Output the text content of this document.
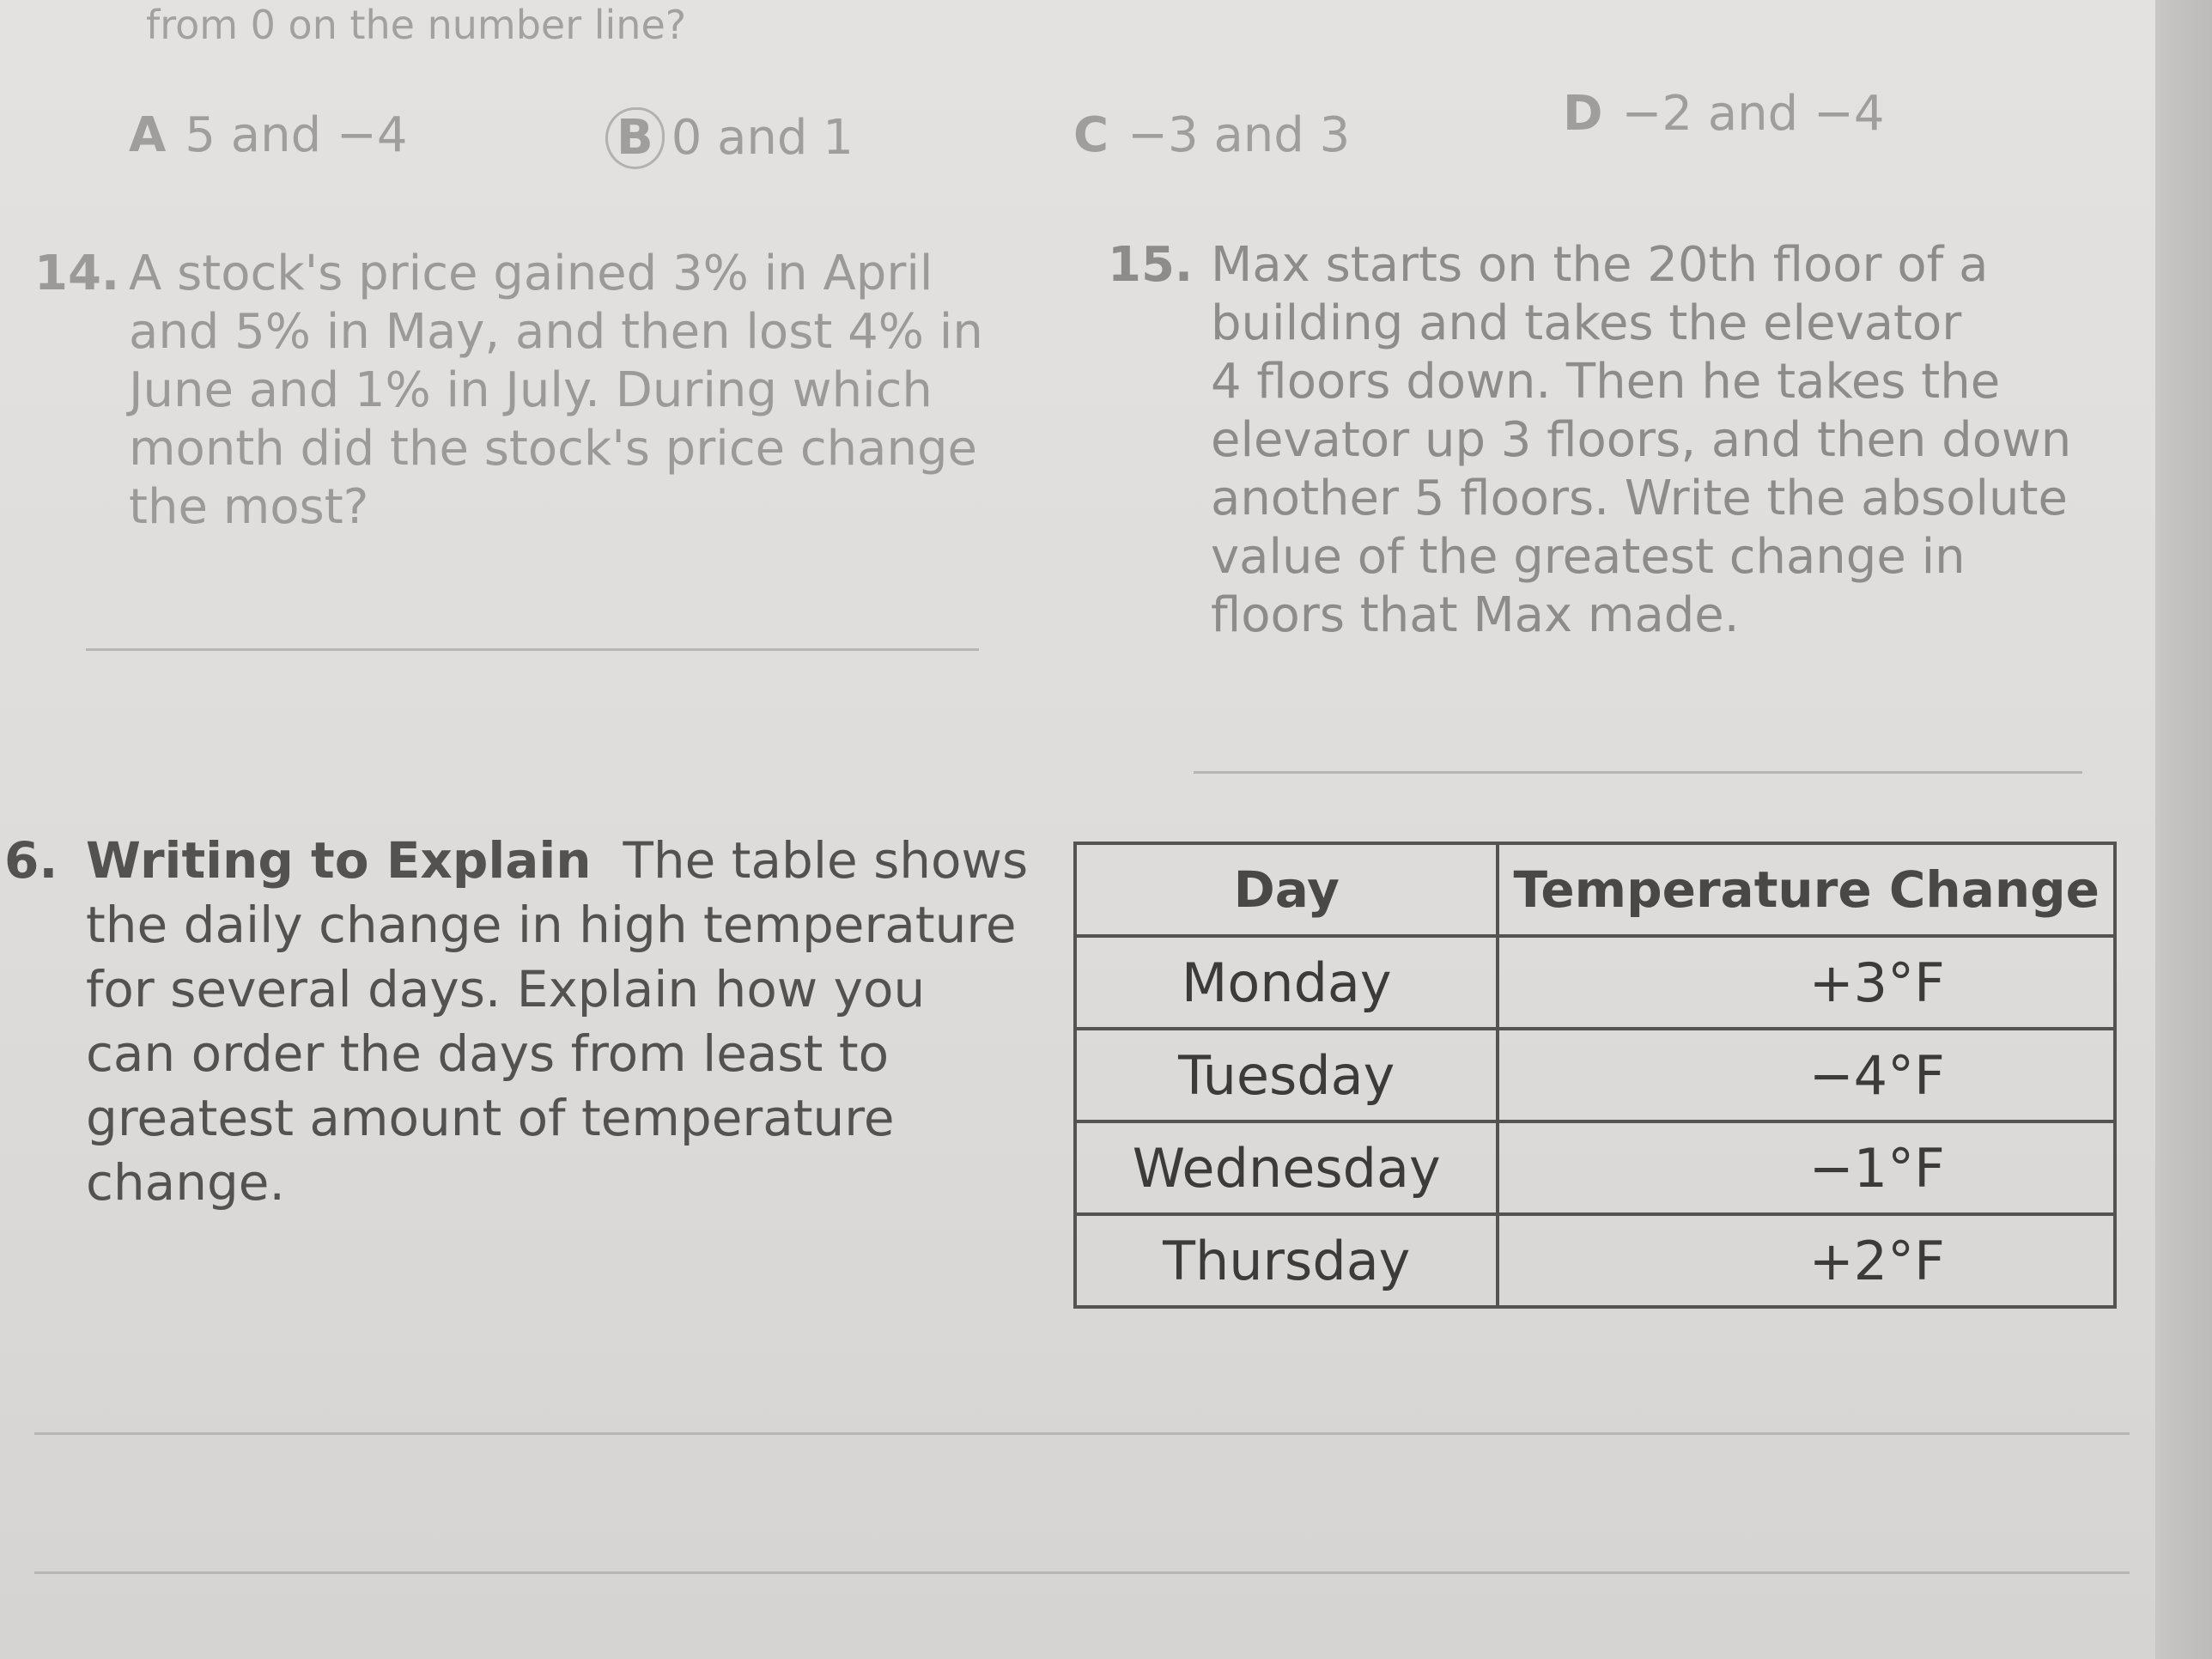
from 0 on the number line?
A 5 and −4	B 0 and 1	C −3 and 3	D −2 and −4
14. A stock's price gained 3% in April
and 5% in May, and then lost 4% in
June and 1% in July. During which
month did the stock's price change
the most?
15. Max starts on the 20th floor of a
building and takes the elevator
4 floors down. Then he takes the
elevator up 3 floors, and then down
another 5 floors. Write the absolute
value of the greatest change in
floors that Max made.
6. Writing to Explain The table shows
the daily change in high temperature
for several days. Explain how you
can order the days from least to
greatest amount of temperature
change.
Day	Temperature Change
Monday	+3°F
Tuesday	−4°F
Wednesday	−1°F
Thursday	+2°F
